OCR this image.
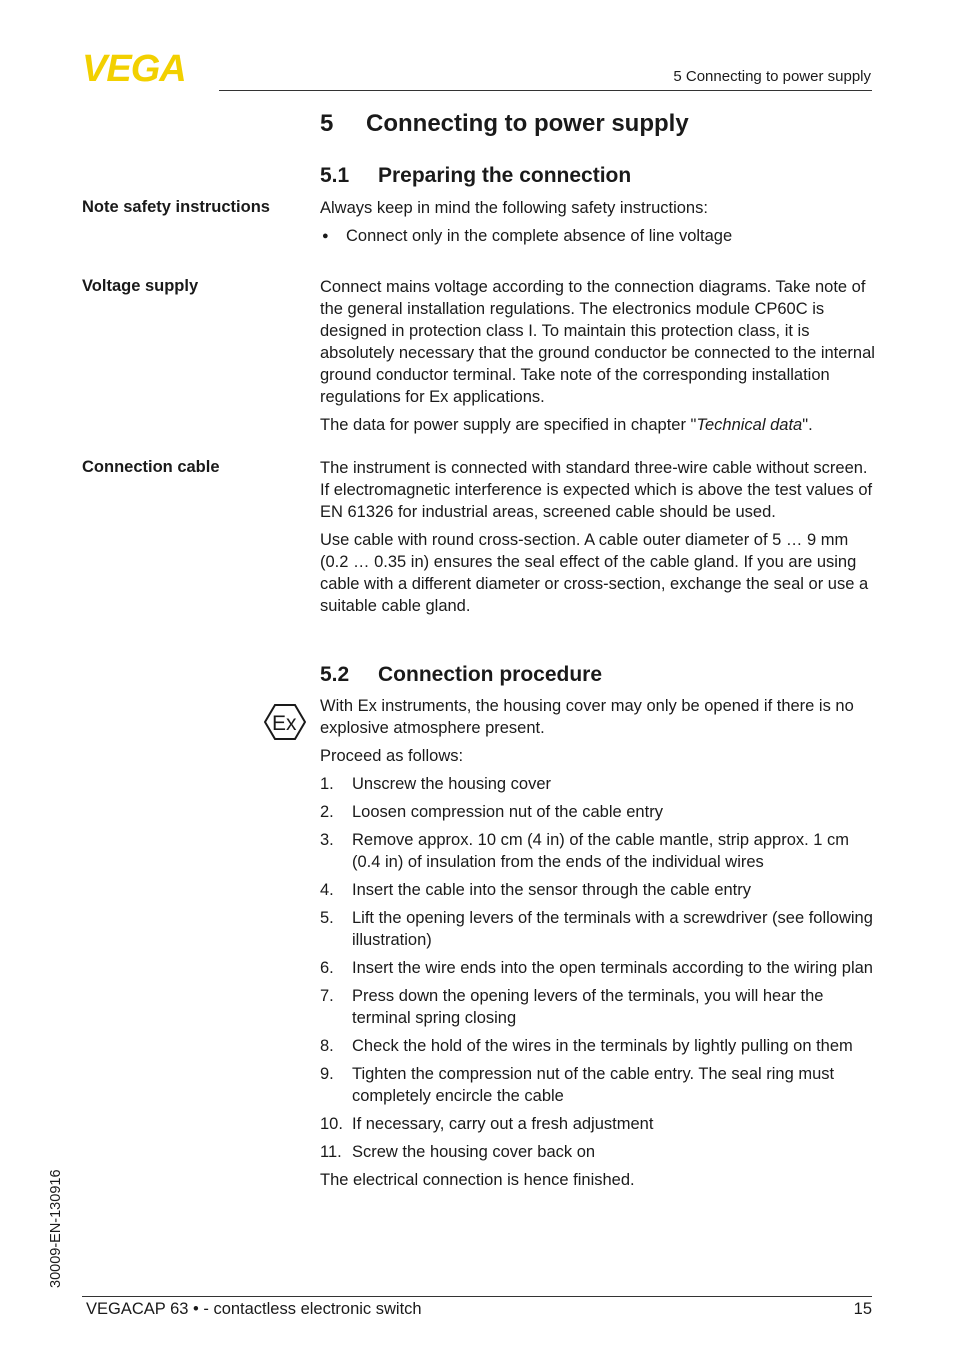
VEGA	5 Connecting to power supply
5 Connecting to power supply
5.1 Preparing the connection
Note safety instructions	Always keep in mind the following safety instructions:

● Connect only in the complete absence of line voltage

Voltage supply	Connect mains voltage according to the connection diagrams. Take note of the general installation regulations. The electronics module CP60C is designed in protection class I. To maintain this protection class, it is absolutely necessary that the ground conductor be connected to the internal ground conductor terminal. Take note of the corresponding installation regulations for Ex applications.

The data for power supply are specified in chapter "Technical data".

Connection cable	The instrument is connected with standard three-wire cable without screen. If electromagnetic interference is expected which is above the test values of EN 61326 for industrial areas, screened cable should be used.

Use cable with round cross-section. A cable outer diameter of 5 … 9 mm (0.2 … 0.35 in) ensures the seal effect of the cable gland. If you are using cable with a different diameter or cross-section, exchange the seal or use a suitable cable gland.

5.2 Connection procedure
Ex

With Ex instruments, the housing cover may only be opened if there is no explosive atmosphere present.

Proceed as follows:

1. Unscrew the housing cover
2. Loosen compression nut of the cable entry
3. Remove approx. 10 cm (4 in) of the cable mantle, strip approx. 1 cm (0.4 in) of insulation from the ends of the individual wires
4. Insert the cable into the sensor through the cable entry
5. Lift the opening levers of the terminals with a screwdriver (see following illustration)
6. Insert the wire ends into the open terminals according to the wiring plan
7. Press down the opening levers of the terminals, you will hear the terminal spring closing
8. Check the hold of the wires in the terminals by lightly pulling on them
9. Tighten the compression nut of the cable entry. The seal ring must completely encircle the cable
10. If necessary, carry out a fresh adjustment
11. Screw the housing cover back on

The electrical connection is hence finished.

30009-EN-130916
VEGACAP 63 • - contactless electronic switch	15
